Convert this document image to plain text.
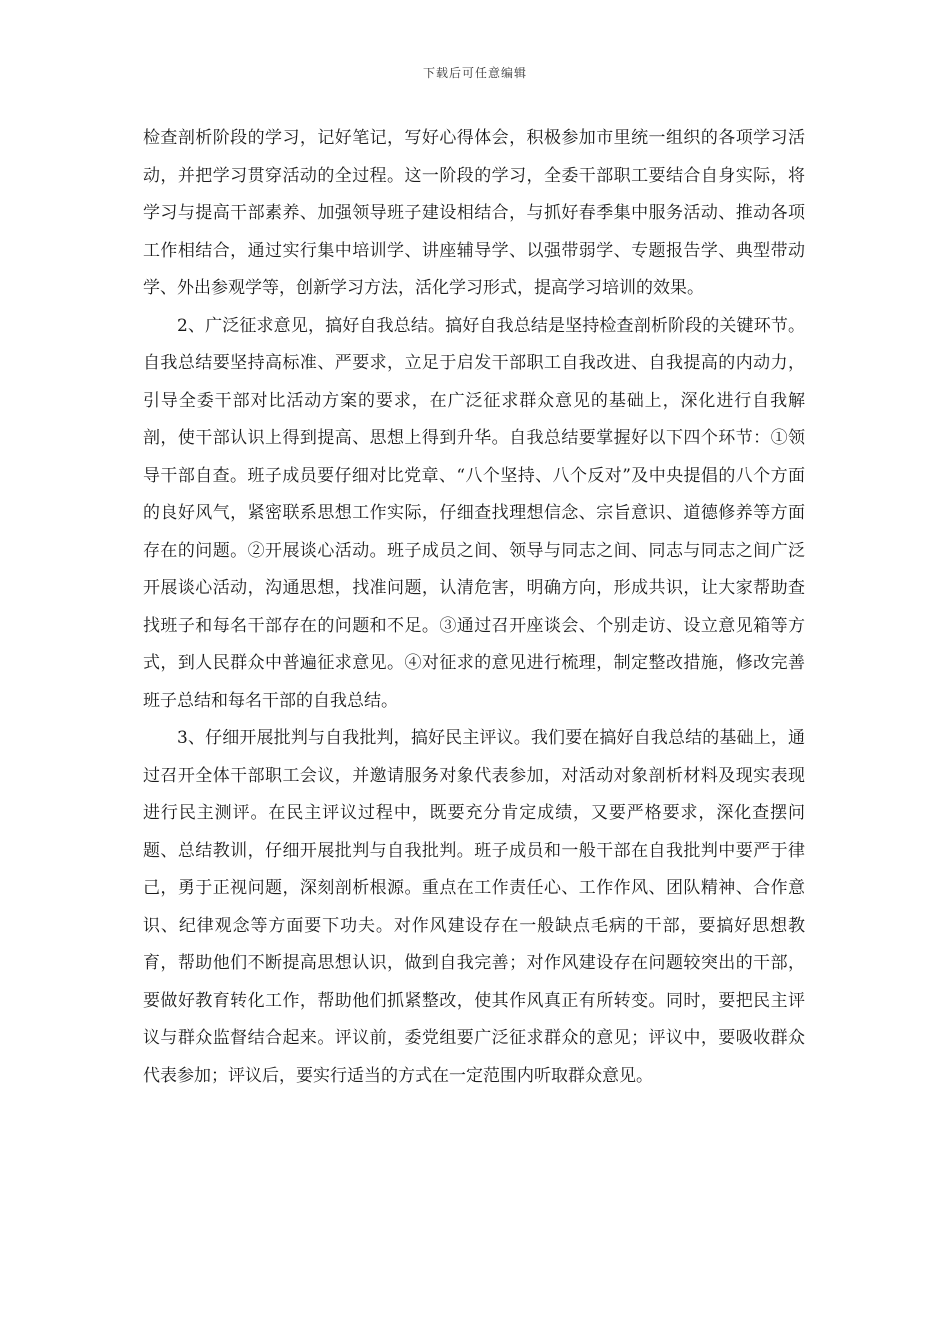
下载后可任意编辑

检查剖析阶段的学习，记好笔记，写好心得体会，积极参加市里统一组织的各项学习活动，并把学习贯穿活动的全过程。这一阶段的学习，全委干部职工要结合自身实际，将学习与提高干部素养、加强领导班子建设相结合，与抓好春季集中服务活动、推动各项工作相结合，通过实行集中培训学、讲座辅导学、以强带弱学、专题报告学、典型带动学、外出参观学等，创新学习方法，活化学习形式，提高学习培训的效果。

2、广泛征求意见，搞好自我总结。搞好自我总结是坚持检查剖析阶段的关键环节。自我总结要坚持高标准、严要求，立足于启发干部职工自我改进、自我提高的内动力，引导全委干部对比活动方案的要求，在广泛征求群众意见的基础上，深化进行自我解剖，使干部认识上得到提高、思想上得到升华。自我总结要掌握好以下四个环节：①领导干部自查。班子成员要仔细对比党章、“八个坚持、八个反对”及中央提倡的八个方面的良好风气，紧密联系思想工作实际，仔细查找理想信念、宗旨意识、道德修养等方面存在的问题。②开展谈心活动。班子成员之间、领导与同志之间、同志与同志之间广泛开展谈心活动，沟通思想，找准问题，认清危害，明确方向，形成共识，让大家帮助查找班子和每名干部存在的问题和不足。③通过召开座谈会、个别走访、设立意见箱等方式，到人民群众中普遍征求意见。④对征求的意见进行梳理，制定整改措施，修改完善班子总结和每名干部的自我总结。

3、仔细开展批判与自我批判，搞好民主评议。我们要在搞好自我总结的基础上，通过召开全体干部职工会议，并邀请服务对象代表参加，对活动对象剖析材料及现实表现进行民主测评。在民主评议过程中，既要充分肯定成绩，又要严格要求，深化查摆问题、总结教训，仔细开展批判与自我批判。班子成员和一般干部在自我批判中要严于律己，勇于正视问题，深刻剖析根源。重点在工作责任心、工作作风、团队精神、合作意识、纪律观念等方面要下功夫。对作风建设存在一般缺点毛病的干部，要搞好思想教育，帮助他们不断提高思想认识，做到自我完善；对作风建设存在问题较突出的干部，要做好教育转化工作，帮助他们抓紧整改，使其作风真正有所转变。同时，要把民主评议与群众监督结合起来。评议前，委党组要广泛征求群众的意见；评议中，要吸收群众代表参加；评议后，要实行适当的方式在一定范围内听取群众意见。
